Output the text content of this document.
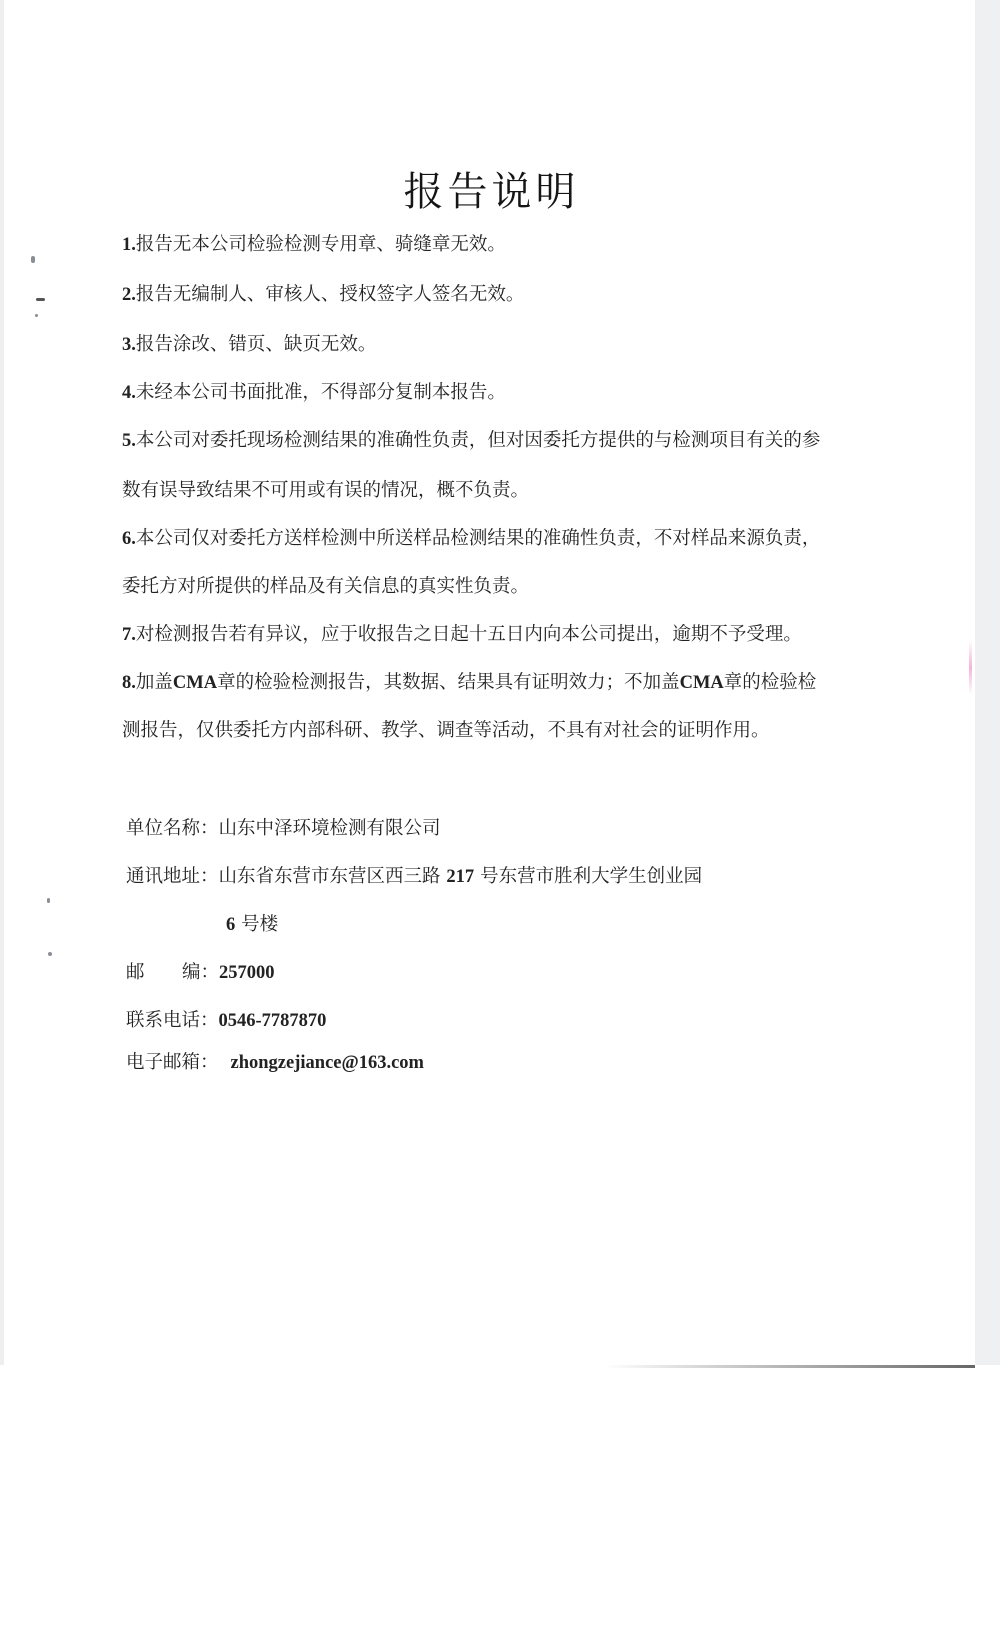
报告说明
1.报告无本公司检验检测专用章、骑缝章无效。
2.报告无编制人、审核人、授权签字人签名无效。
3.报告涂改、错页、缺页无效。
4.未经本公司书面批准，不得部分复制本报告。
5.本公司对委托现场检测结果的准确性负责，但对因委托方提供的与检测项目有关的参
数有误导致结果不可用或有误的情况，概不负责。
6.本公司仅对委托方送样检测中所送样品检测结果的准确性负责，不对样品来源负责，
委托方对所提供的样品及有关信息的真实性负责。
7.对检测报告若有异议，应于收报告之日起十五日内向本公司提出，逾期不予受理。
8.加盖CMA章的检验检测报告，其数据、结果具有证明效力；不加盖CMA章的检验检
测报告，仅供委托方内部科研、教学、调查等活动，不具有对社会的证明作用。
单位名称：山东中泽环境检测有限公司
通讯地址：山东省东营市东营区西三路 217 号东营市胜利大学生创业园
6 号楼
邮 编：257000
联系电话：0546-7787870
电子邮箱： zhongzejiance@163.com
